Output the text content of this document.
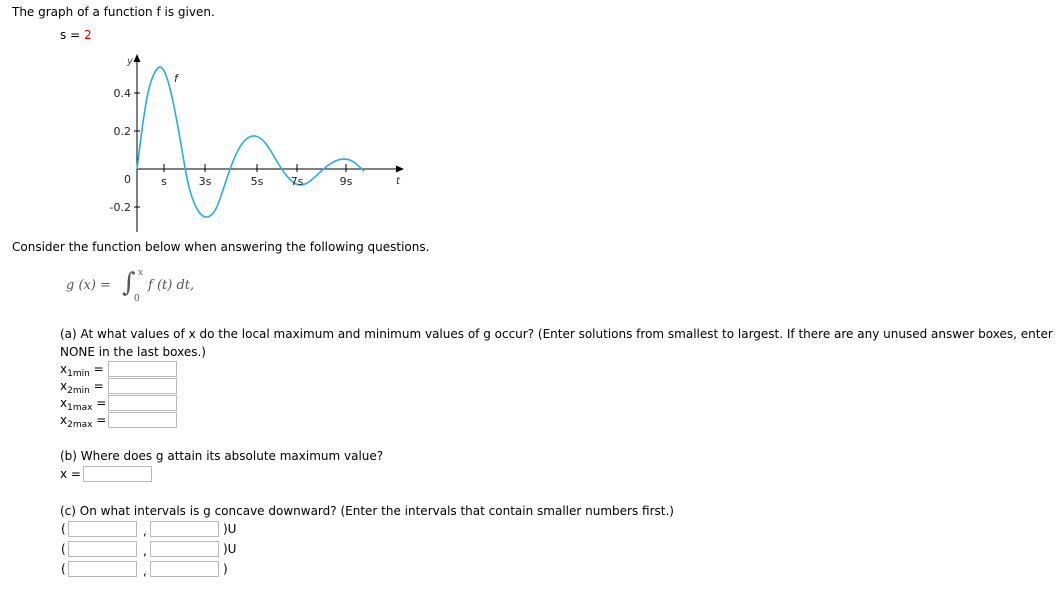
The graph of a function f is given.
s = 2
y
f
0.4
0.2
0
-0.2
s	3s	5s 7s	9s	t
Consider the function below when answering the following questions.
g (x) = ∫ x
0
f (t) dt,
(a) At what values of x do the local maximum and minimum values of g occur? (Enter solutions from smallest to largest. If there are any unused answer boxes, enter
NONE in the last boxes.)
$x_{1min}$ =
$x_{2min}$ =
$x_{1max}$ =
$x_{2max}$ =
(b) Where does g attain its absolute maximum value?
x =
(c) On what intervals is g concave downward? (Enter the intervals that contain smaller numbers first.)
(	,	)U
(	,	)U
(	,	)
